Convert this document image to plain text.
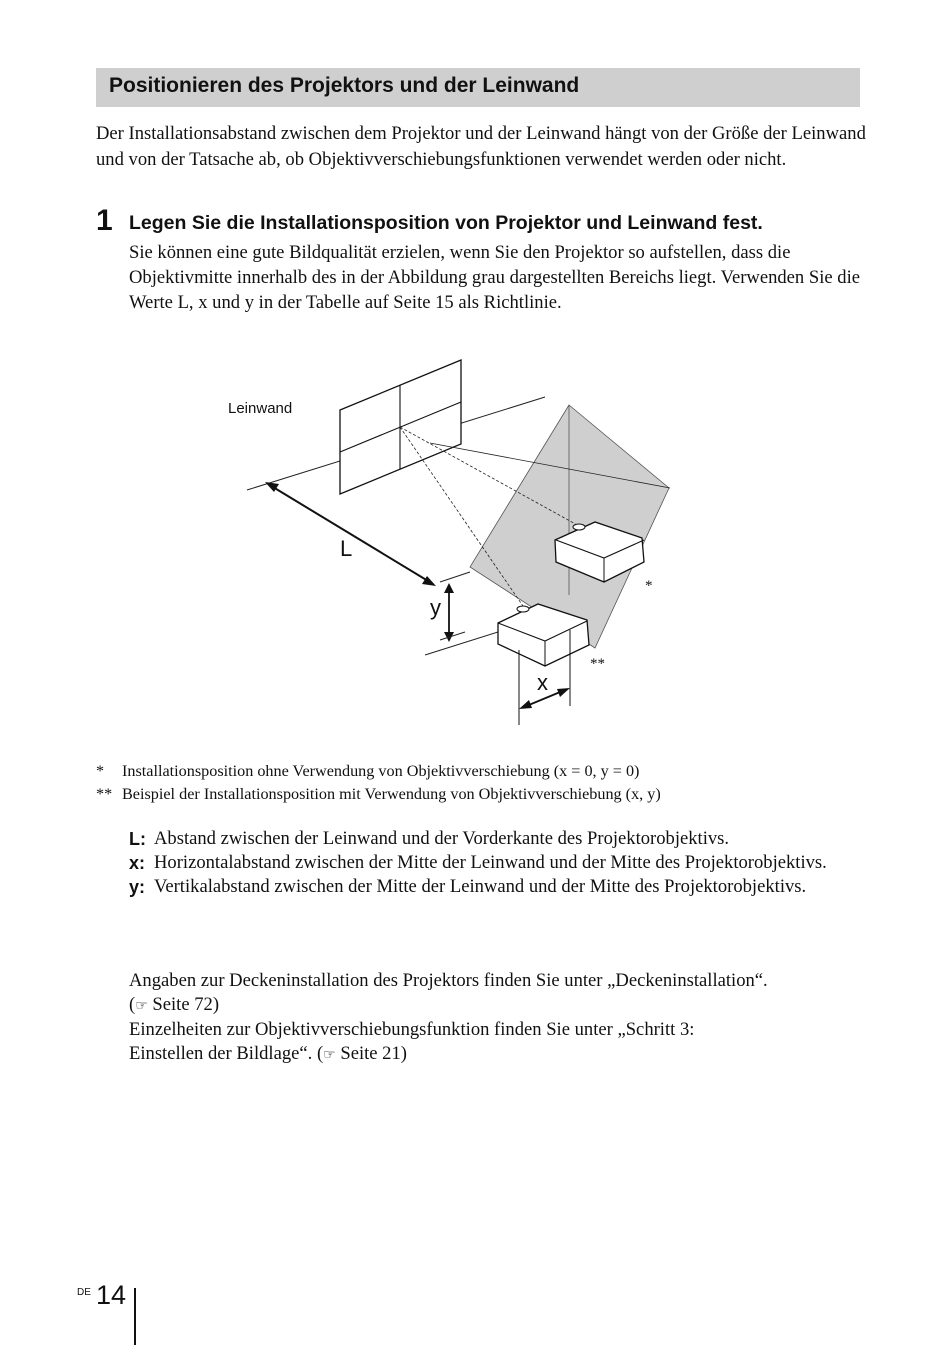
Positionieren des Projektors und der Leinwand
Der Installationsabstand zwischen dem Projektor und der Leinwand hängt von der Größe der Leinwand und von der Tatsache ab, ob Objektivverschiebungsfunktionen verwendet werden oder nicht.
1 Legen Sie die Installationsposition von Projektor und Leinwand fest.
Sie können eine gute Bildqualität erzielen, wenn Sie den Projektor so aufstellen, dass die Objektivmitte innerhalb des in der Abbildung grau dargestellten Bereichs liegt. Verwenden Sie die Werte L, x und y in der Tabelle auf Seite 15 als Richtlinie.
Leinwand
L
y
x
*
**
*	Installationsposition ohne Verwendung von Objektivverschiebung (x = 0, y = 0)
** Beispiel der Installationsposition mit Verwendung von Objektivverschiebung (x, y)
L: Abstand zwischen der Leinwand und der Vorderkante des Projektorobjektivs.
x: Horizontalabstand zwischen der Mitte der Leinwand und der Mitte des Projektorobjektivs.
y: Vertikalabstand zwischen der Mitte der Leinwand und der Mitte des Projektorobjektivs.
Angaben zur Deckeninstallation des Projektors finden Sie unter „Deckeninstallation“.
(☞ Seite 72)
Einzelheiten zur Objektivverschiebungsfunktion finden Sie unter „Schritt 3:
Einstellen der Bildlage“. (☞ Seite 21)
DE 14
